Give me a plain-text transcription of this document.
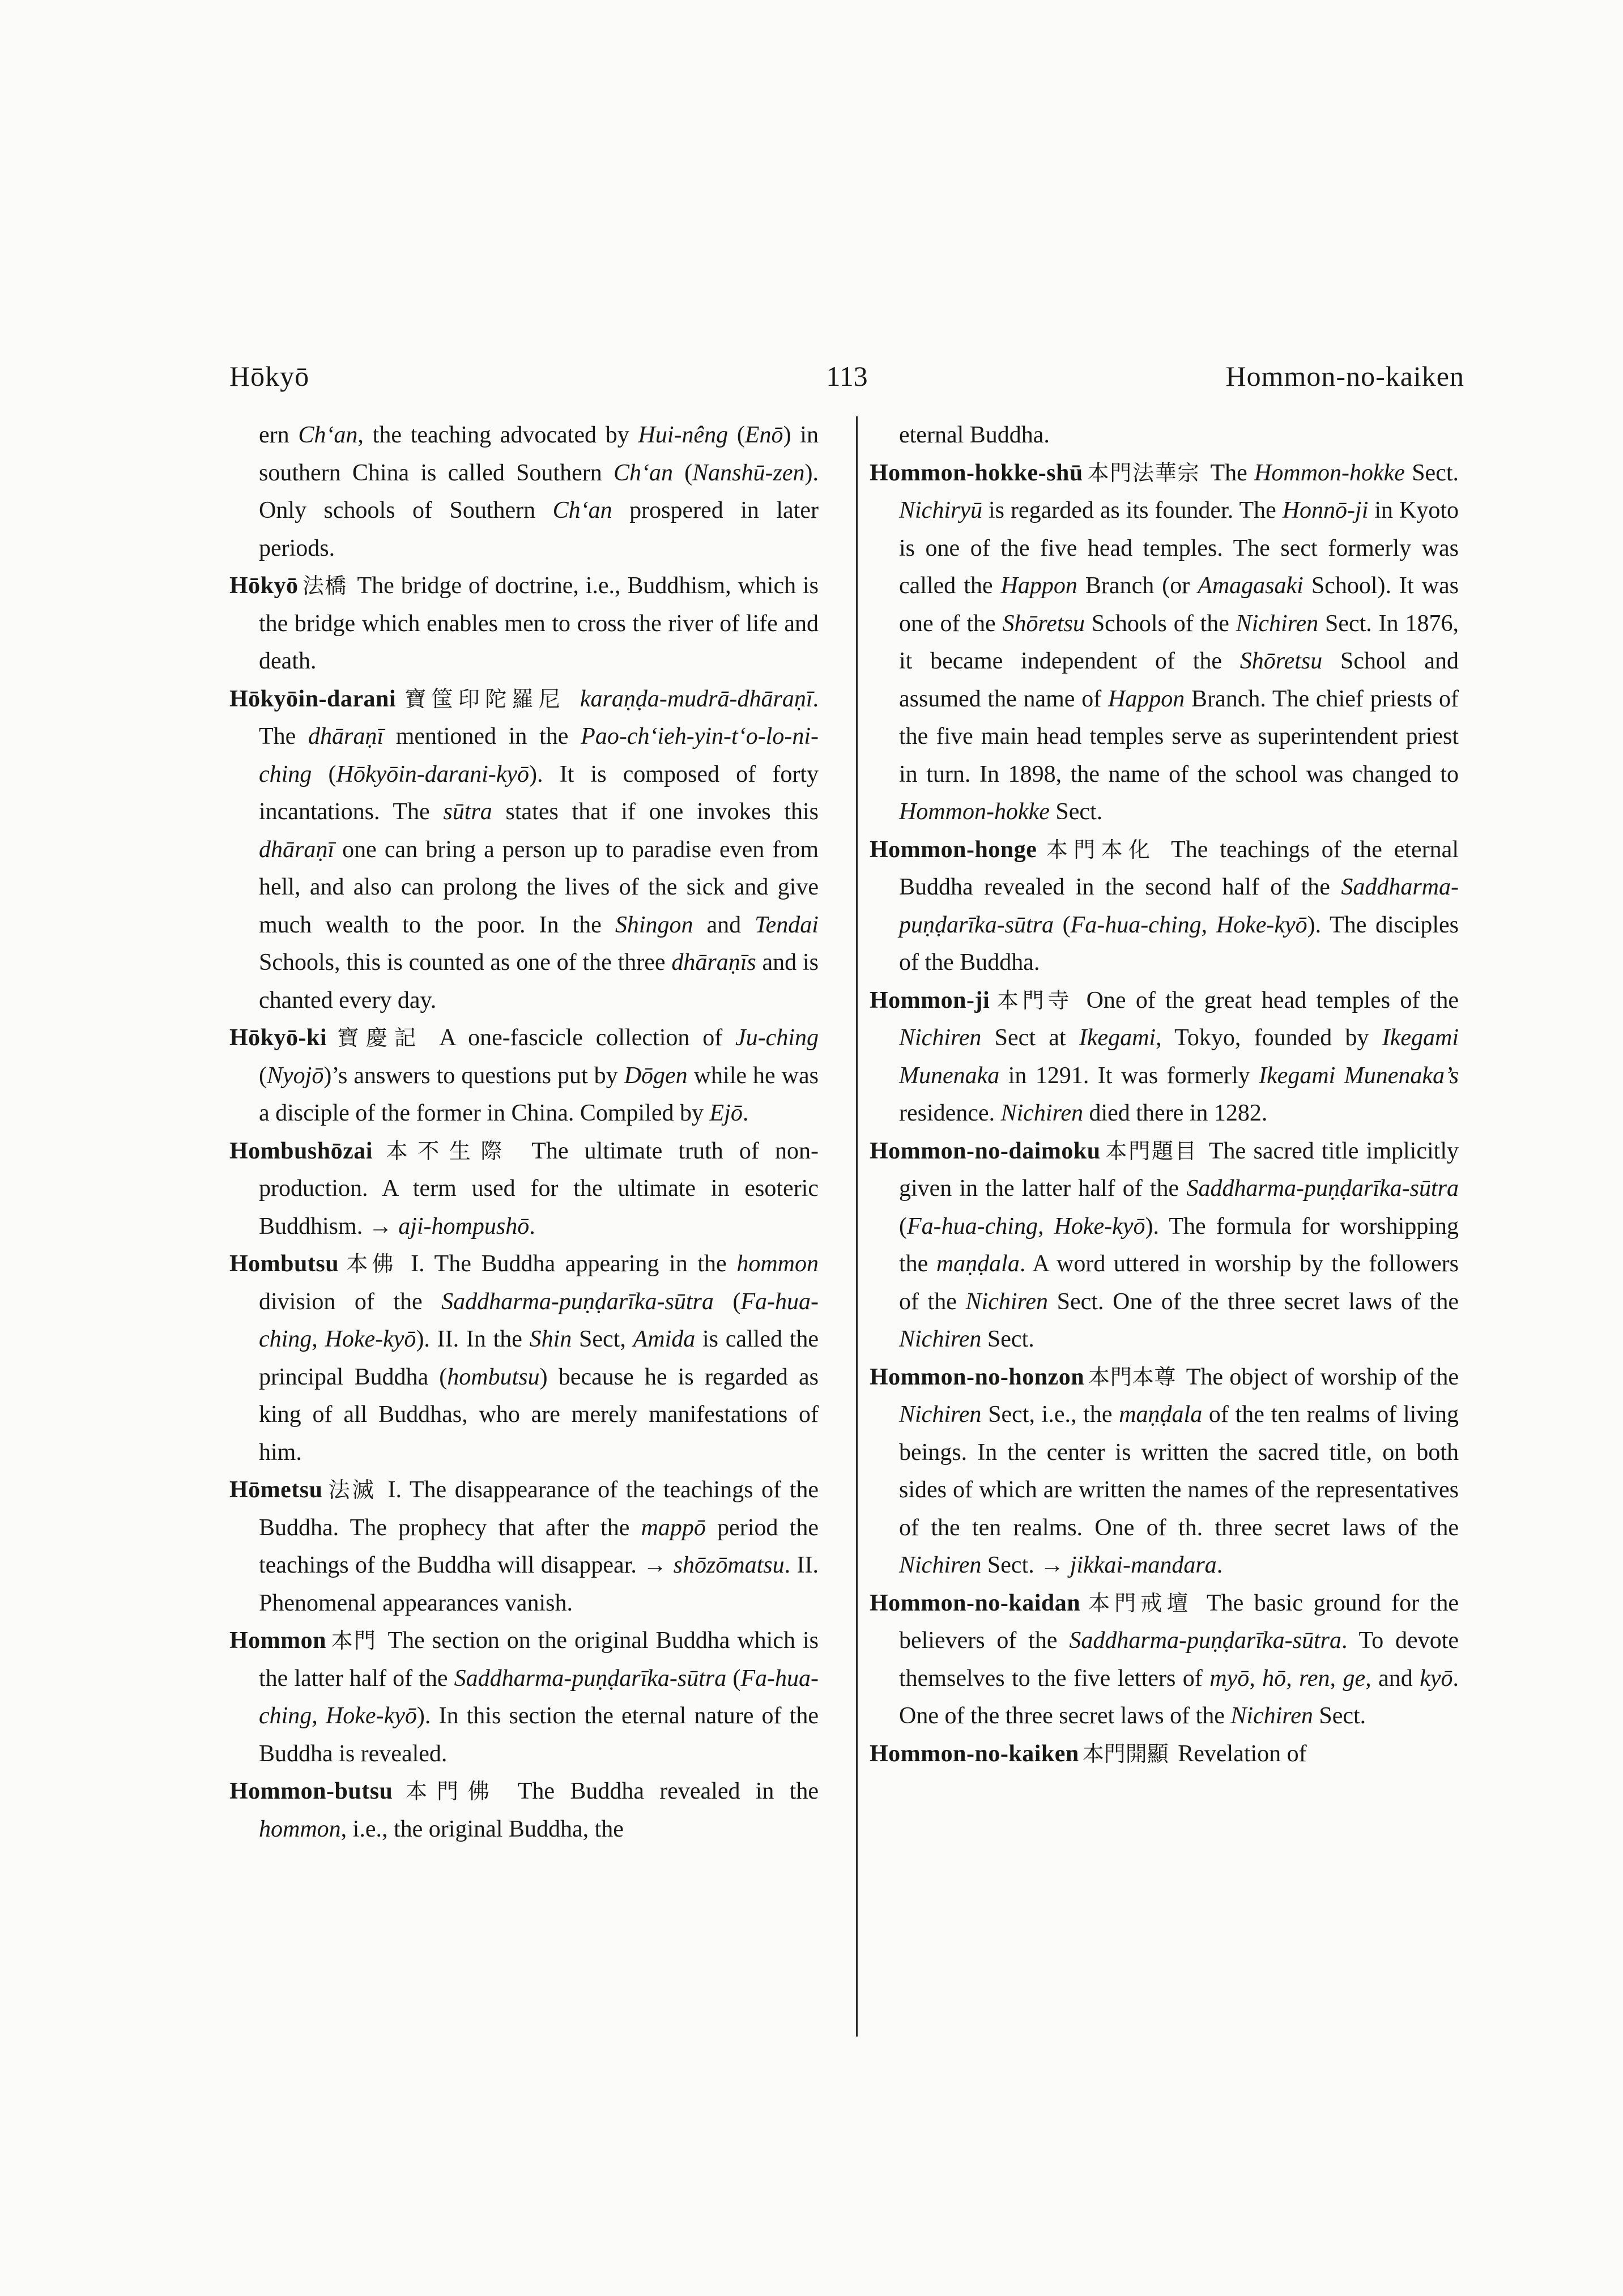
Hōkyō	113	Hommon-no-kaiken

ern Ch‘an, the teaching advocated by Hui-nêng (Enō) in southern China is called Southern Ch‘an (Nanshū-zen). Only schools of Southern Ch‘an prospered in later periods.

Hōkyō 法橋 The bridge of doctrine, i.e., Buddhism, which is the bridge which enables men to cross the river of life and death.

Hōkyōin-darani 寶筺印陀羅尼 karaṇḍa-mudrā-dhāraṇī. The dhāraṇī mentioned in the Pao-ch‘ieh-yin-t‘o-lo-ni-ching (Hōkyōin-darani-kyō). It is composed of forty incantations. The sūtra states that if one invokes this dhāraṇī one can bring a person up to paradise even from hell, and also can prolong the lives of the sick and give much wealth to the poor. In the Shingon and Tendai Schools, this is counted as one of the three dhāraṇīs and is chanted every day.

Hōkyō-ki 寶慶記 A one-fascicle collection of Ju-ching (Nyojō)’s answers to questions put by Dōgen while he was a disciple of the former in China. Compiled by Ejō.

Hombushōzai 本不生際 The ultimate truth of non-production. A term used for the ultimate in esoteric Buddhism. → aji-hompushō.

Hombutsu 本佛 I. The Buddha appearing in the hommon division of the Saddharma-puṇḍarīka-sūtra (Fa-hua-ching, Hoke-kyō). II. In the Shin Sect, Amida is called the principal Buddha (hombutsu) because he is regarded as king of all Buddhas, who are merely manifestations of him.

Hōmetsu 法滅 I. The disappearance of the teachings of the Buddha. The prophecy that after the mappō period the teachings of the Buddha will disappear. → shōzōmatsu. II. Phenomenal appearances vanish.

Hommon 本門 The section on the original Buddha which is the latter half of the Saddharma-puṇḍarīka-sūtra (Fa-hua-ching, Hoke-kyō). In this section the eternal nature of the Buddha is revealed.

Hommon-butsu 本門佛 The Buddha revealed in the hommon, i.e., the original Buddha, the

eternal Buddha.

Hommon-hokke-shū 本門法華宗 The Hommon-hokke Sect. Nichiryū is regarded as its founder. The Honnō-ji in Kyoto is one of the five head temples. The sect formerly was called the Happon Branch (or Amagasaki School). It was one of the Shōretsu Schools of the Nichiren Sect. In 1876, it became independent of the Shōretsu School and assumed the name of Happon Branch. The chief priests of the five main head temples serve as superintendent priest in turn. In 1898, the name of the school was changed to Hommon-hokke Sect.

Hommon-honge 本門本化 The teachings of the eternal Buddha revealed in the second half of the Saddharma-puṇḍarīka-sūtra (Fa-hua-ching, Hoke-kyō). The disciples of the Buddha.

Hommon-ji 本門寺 One of the great head temples of the Nichiren Sect at Ikegami, Tokyo, founded by Ikegami Munenaka in 1291. It was formerly Ikegami Munenaka’s residence. Nichiren died there in 1282.

Hommon-no-daimoku 本門題目 The sacred title implicitly given in the latter half of the Saddharma-puṇḍarīka-sūtra (Fa-hua-ching, Hoke-kyō). The formula for worshipping the maṇḍala. A word uttered in worship by the followers of the Nichiren Sect. One of the three secret laws of the Nichiren Sect.

Hommon-no-honzon 本門本尊 The object of worship of the Nichiren Sect, i.e., the maṇḍala of the ten realms of living beings. In the center is written the sacred title, on both sides of which are written the names of the representatives of the ten realms. One of th. three secret laws of the Nichiren Sect. → jikkai-mandara.

Hommon-no-kaidan 本門戒壇 The basic ground for the believers of the Saddharma-puṇḍarīka-sūtra. To devote themselves to the five letters of myō, hō, ren, ge, and kyō. One of the three secret laws of the Nichiren Sect.

Hommon-no-kaiken 本門開顯 Revelation of
